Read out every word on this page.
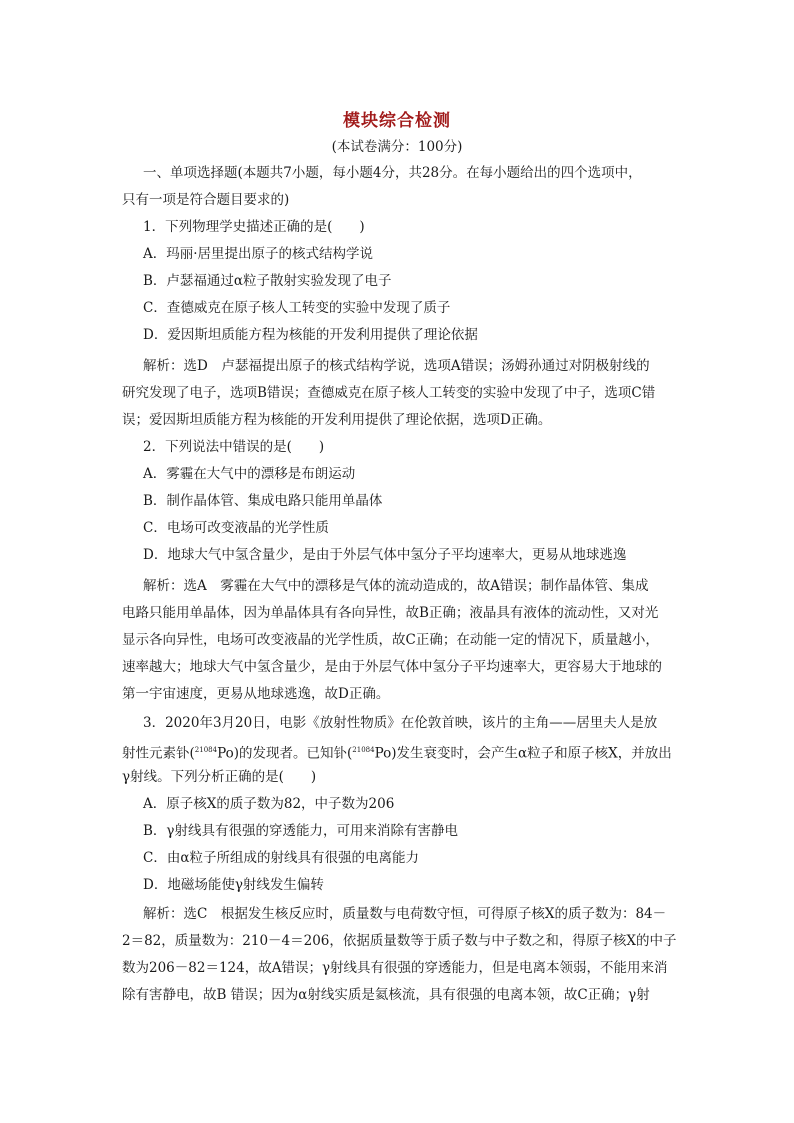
模块综合检测
(本试卷满分：100分)
一、单项选择题(本题共7小题，每小题4分，共28分。在每小题给出的四个选项中，
只有一项是符合题目要求的)
1．下列物理学史描述正确的是(　　)
A．玛丽·居里提出原子的核式结构学说
B．卢瑟福通过α粒子散射实验发现了电子
C．查德威克在原子核人工转变的实验中发现了质子
D．爱因斯坦质能方程为核能的开发利用提供了理论依据
解析：选D　卢瑟福提出原子的核式结构学说，选项A错误；汤姆孙通过对阴极射线的
研究发现了电子，选项B错误；查德威克在原子核人工转变的实验中发现了中子，选项C错
误；爱因斯坦质能方程为核能的开发利用提供了理论依据，选项D正确。
2．下列说法中错误的是(　　)
A．雾霾在大气中的漂移是布朗运动
B．制作晶体管、集成电路只能用单晶体
C．电场可改变液晶的光学性质
D．地球大气中氢含量少，是由于外层气体中氢分子平均速率大，更易从地球逃逸
解析：选A　雾霾在大气中的漂移是气体的流动造成的，故A错误；制作晶体管、集成
电路只能用单晶体，因为单晶体具有各向异性，故B正确；液晶具有液体的流动性，又对光
显示各向异性，电场可改变液晶的光学性质，故C正确；在动能一定的情况下，质量越小，
速率越大；地球大气中氢含量少，是由于外层气体中氢分子平均速率大，更容易大于地球的
第一宇宙速度，更易从地球逃逸，故D正确。
3．2020年3月20日，电影《放射性物质》在伦敦首映，该片的主角——居里夫人是放
射性元素钋($^{21084}$Po)的发现者。已知钋($^{21084}$Po)发生衰变时，会产生α粒子和原子核X，并放出
γ射线。下列分析正确的是(　　)
A．原子核X的质子数为82，中子数为206
B．γ射线具有很强的穿透能力，可用来消除有害静电
C．由α粒子所组成的射线具有很强的电离能力
D．地磁场能使γ射线发生偏转
解析：选C　根据发生核反应时，质量数与电荷数守恒，可得原子核X的质子数为：84－
2＝82，质量数为：210－4＝206，依据质量数等于质子数与中子数之和，得原子核X的中子
数为206－82＝124，故A错误；γ射线具有很强的穿透能力，但是电离本领弱，不能用来消
除有害静电，故B 错误；因为α射线实质是氦核流，具有很强的电离本领，故C正确；γ射
